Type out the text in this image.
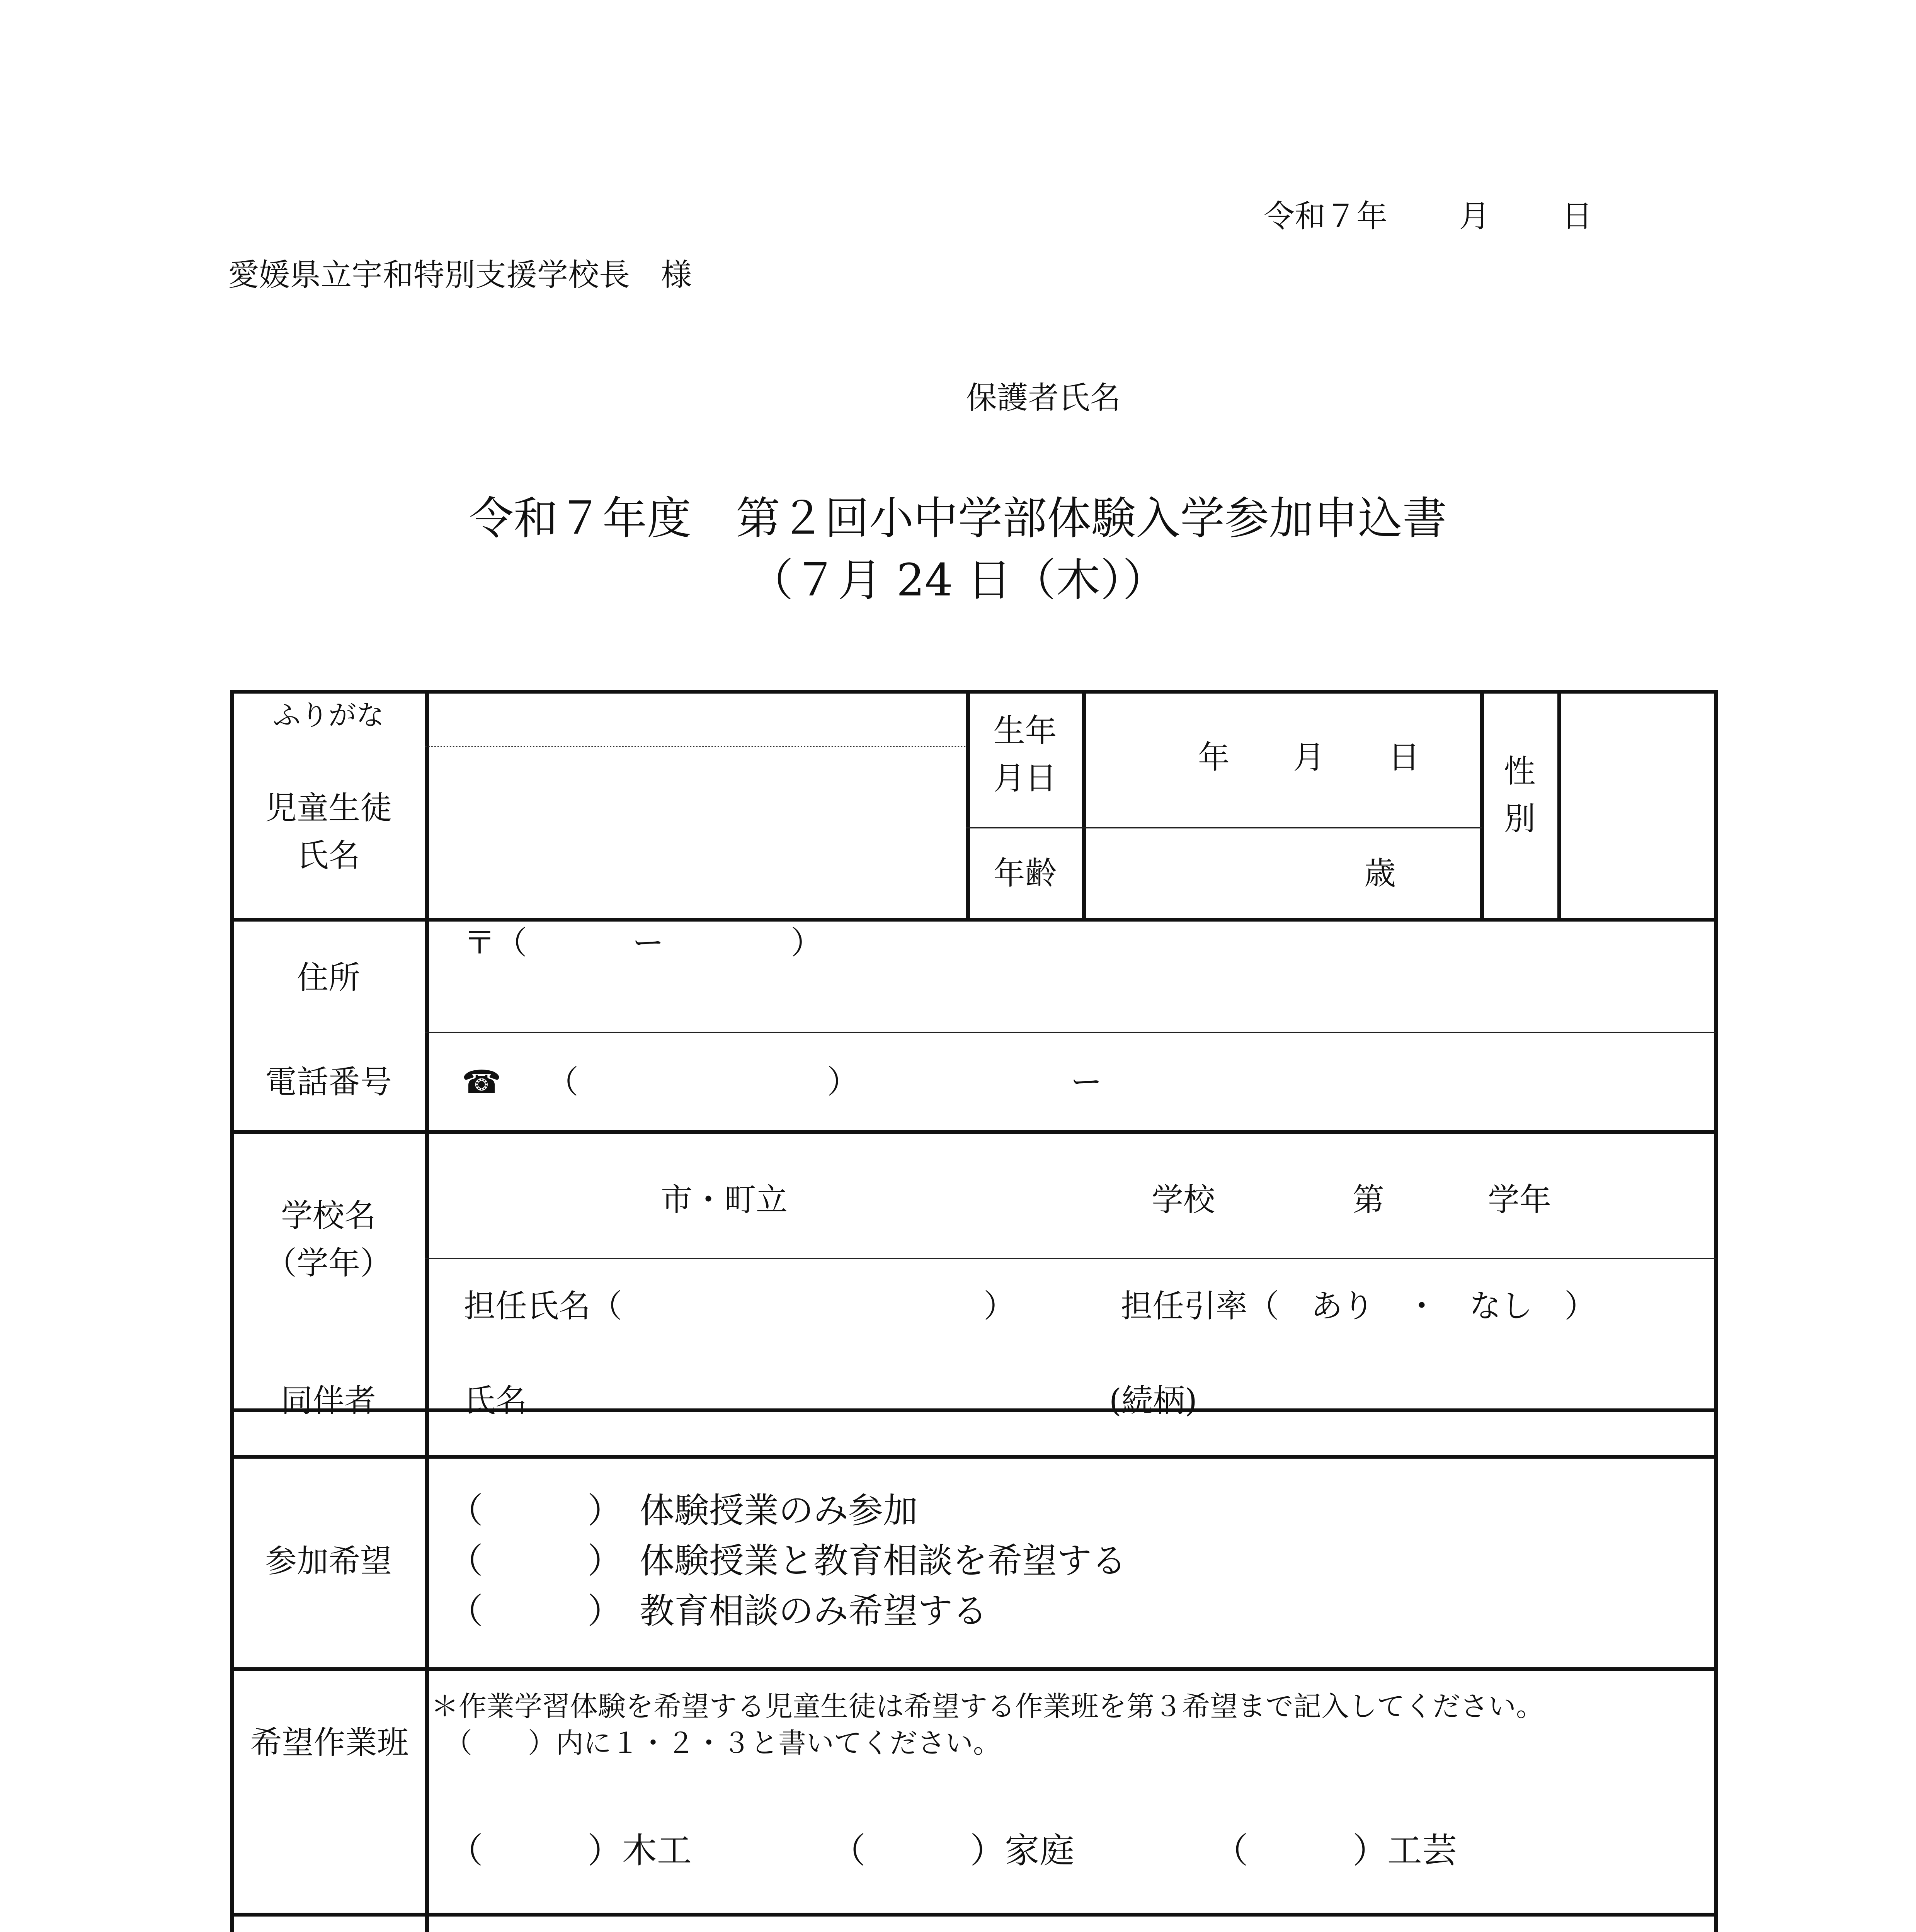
令和７年　　 月　　 日
愛媛県立宇和特別支援学校長　様
保護者氏名
令和７年度　第２回小中学部体験入学参加申込書
（７月 24 日（木））
ふりがな
児童生徒
氏名
生年
月日
年　　月　　日
年齢	歳
性
別
住所
〒（　　　 ー　　　　）
電話番号	☎ （	）	ー
学校名
（学年）
市・町立	学校	第	学年
担任氏名（	）	担任引率（　あり　・　なし　）
同伴者	氏名	(続柄)
参加希望
（　　　）　体験授業のみ参加
（　　　）　体験授業と教育相談を希望する
（　　　）　教育相談のみ希望する
希望作業班
＊作業学習体験を希望する児童生徒は希望する作業班を第３希望まで記入してください。
（　　）内に１・２・３と書いてください。
（　　　）木工	（　　　）家庭	（　　　）工芸
